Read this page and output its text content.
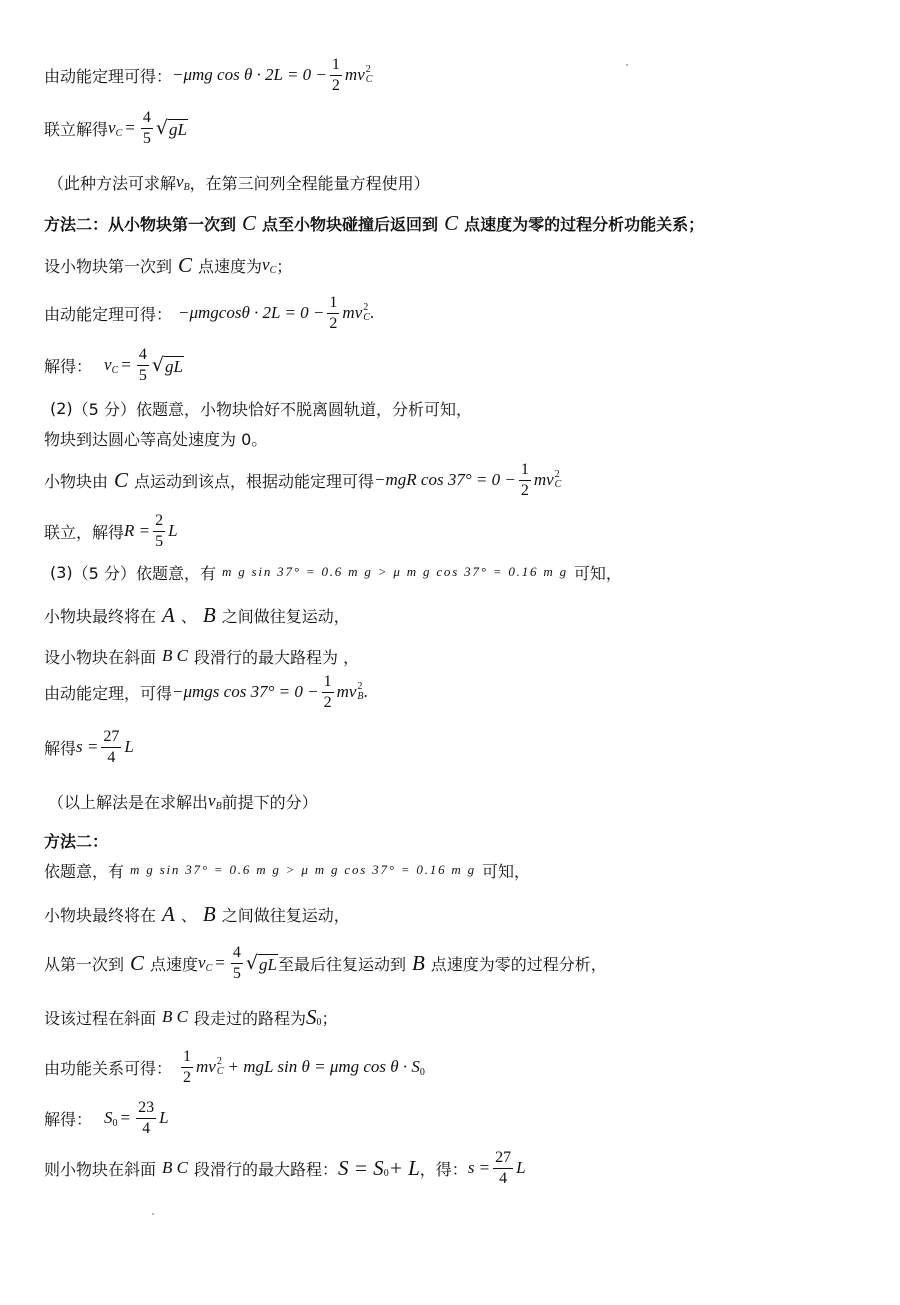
由动能定理可得： −μmg $\cos \theta \cdot 2L = 0 - \frac{1}{2}$ m v 2
C
联立解得 v $C = \frac{4}{5}$ √ gL
（此种方法可求解 v B ，在第三问列全程能量方程使用）
方法二： 从小物块第一次到 C 点至小物块碰撞后返回到 C 点速度为零的过程分析功能关系；
设小物块第一次到 C 点速度为 v C ；
由动能定理可得： $-\mu mgcos\theta \cdot 2L = 0 - \frac{1}{2}$ m v 2
C .
解得： v $C = \frac{4}{5}$ √ gL
(2) （5 分） 依题意，小物块恰好不脱离圆轨道，分析可知，
物块到达圆心等高处速度为 0。
小物块由 C 点运动到该点，根据动能定理可得 −mgR $\cos 37^\circ = 0 - \frac{1}{2}$ m v 2
C
联立，解得 $R = \frac{2}{5}$ L
(3) （5 分） 依题意，有 m g sin 37° = 0.6 m g > μ m g cos 37° = 0.16 m g 可知，
小物块最终将在 A 、 B 之间做往复运动，
设小物块在斜面 B C 段滑行的最大路程为 ，
由动能定理，可得 −μmgs $\cos 37^\circ = 0 - \frac{1}{2}$ m v 2
B .
解得 $s = \frac{27}{4}$ L
（以上解法是在求解出 v B 前提下的分）
方法二：
依题意，有 m g sin 37° = 0.6 m g > μ m g cos 37° = 0.16 m g 可知，
小物块最终将在 A 、 B 之间做往复运动，
从第一次到 C 点速度 v $C = \frac{4}{5}$ √ gL 至最后往复运动到 B 点速度为零的过程分析，
设该过程在斜面 B C 段走过的路程为 S 0 ；
由功能关系可得： $\frac{1}{2}$ m v 2
C + mgL sin θ = μmg cos θ · S 0
解得： S $0 = \frac{23}{4}$ L
则小物块在斜面 B C 段滑行的最大路程： S = S 0 + L ，得： $s = \frac{27}{4}$ L
